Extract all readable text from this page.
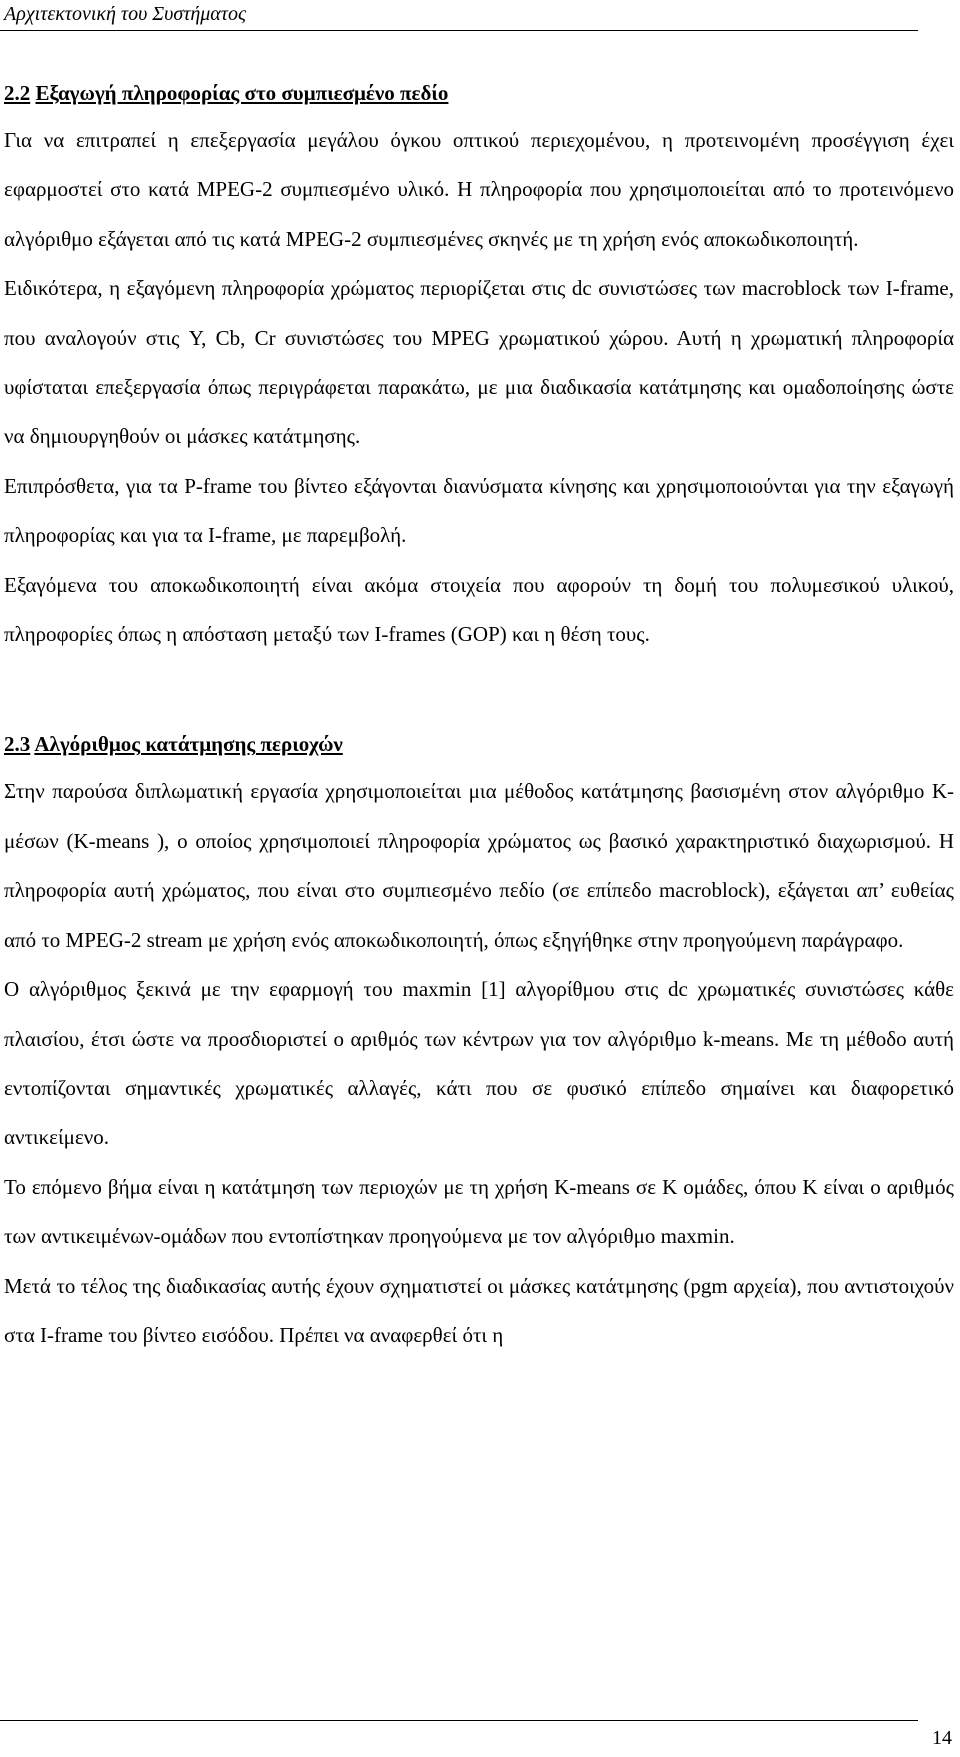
Αρχιτεκτονική του Συστήματος
2.2 Εξαγωγή πληροφορίας στο συμπιεσμένο πεδίο

Για να επιτραπεί η επεξεργασία μεγάλου όγκου οπτικού περιεχομένου, η προτεινομένη προσέγγιση έχει εφαρμοστεί στο κατά MPEG-2 συμπιεσμένο υλικό. Η πληροφορία που χρησιμοποιείται από το προτεινόμενο αλγόριθμο εξάγεται από τις κατά MPEG-2 συμπιεσμένες σκηνές με τη χρήση ενός αποκωδικοποιητή.

Ειδικότερα, η εξαγόμενη πληροφορία χρώματος περιορίζεται στις dc συνιστώσες των macroblock των I-frame, που αναλογούν στις Y, Cb, Cr συνιστώσες του MPEG χρωματικού χώρου. Αυτή η χρωματική πληροφορία υφίσταται επεξεργασία όπως περιγράφεται παρακάτω, με μια διαδικασία κατάτμησης και ομαδοποίησης ώστε να δημιουργηθούν οι μάσκες κατάτμησης.

Επιπρόσθετα, για τα P-frame του βίντεο εξάγονται διανύσματα κίνησης και χρησιμοποιούνται για την εξαγωγή πληροφορίας και για τα I-frame, με παρεμβολή.

Εξαγόμενα του αποκωδικοποιητή είναι ακόμα στοιχεία που αφορούν τη δομή του πολυμεσικού υλικού, πληροφορίες όπως η απόσταση μεταξύ των I-frames (GOP) και η θέση τους.

2.3 Αλγόριθμος κατάτμησης περιοχών

Στην παρούσα διπλωματική εργασία χρησιμοποιείται μια μέθοδος κατάτμησης βασισμένη στον αλγόριθμο K-μέσων (K-means ), ο οποίος χρησιμοποιεί πληροφορία χρώματος ως βασικό χαρακτηριστικό διαχωρισμού. Η πληροφορία αυτή χρώματος, που είναι στο συμπιεσμένο πεδίο (σε επίπεδο macroblock), εξάγεται απ’ ευθείας από το MPEG-2 stream με χρήση ενός αποκωδικοποιητή, όπως εξηγήθηκε στην προηγούμενη παράγραφο.

Ο αλγόριθμος ξεκινά με την εφαρμογή του maxmin [1] αλγορίθμου στις dc χρωματικές συνιστώσες κάθε πλαισίου, έτσι ώστε να προσδιοριστεί ο αριθμός των κέντρων για τον αλγόριθμο k-means. Με τη μέθοδο αυτή εντοπίζονται σημαντικές χρωματικές αλλαγές, κάτι που σε φυσικό επίπεδο σημαίνει και διαφορετικό αντικείμενο.

Το επόμενο βήμα είναι η κατάτμηση των περιοχών με τη χρήση K-means σε K ομάδες, όπου K είναι ο αριθμός των αντικειμένων-ομάδων που εντοπίστηκαν προηγούμενα με τον αλγόριθμο maxmin.

Μετά το τέλος της διαδικασίας αυτής έχουν σχηματιστεί οι μάσκες κατάτμησης (pgm αρχεία), που αντιστοιχούν στα I-frame του βίντεο εισόδου. Πρέπει να αναφερθεί ότι η

14
